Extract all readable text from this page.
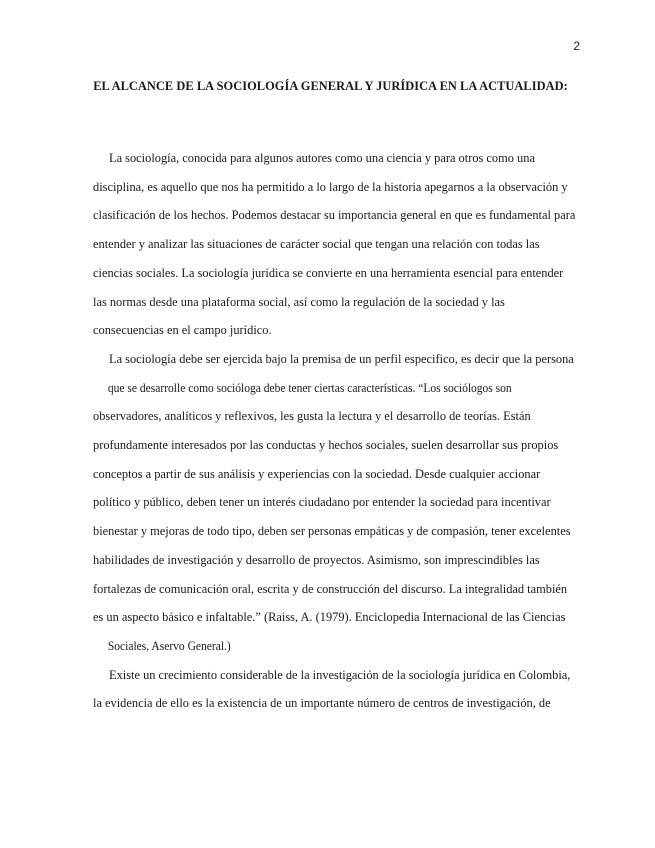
2
EL ALCANCE DE LA SOCIOLOGÍA GENERAL Y JURÍDICA EN LA ACTUALIDAD:
La sociología, conocida para algunos autores como una ciencia y para otros como una
disciplina, es aquello que nos ha permitido a lo largo de la historia apegarnos a la observación y
clasificación de los hechos. Podemos destacar su importancia general en que es fundamental para
entender y analizar las situaciones de carácter social que tengan una relación con todas las
ciencias sociales. La sociología jurídica se convierte en una herramienta esencial para entender
las normas desde una plataforma social, así como la regulación de la sociedad y las
consecuencias en el campo jurídico.
La sociología debe ser ejercida bajo la premisa de un perfil especifico, es decir que la persona
que se desarrolle como socióloga debe tener ciertas características. “Los sociólogos son
observadores, analíticos y reflexivos, les gusta la lectura y el desarrollo de teorías. Están
profundamente interesados por las conductas y hechos sociales, suelen desarrollar sus propios
conceptos a partir de sus análisis y experiencias con la sociedad. Desde cualquier accionar
político y público, deben tener un interés ciudadano por entender la sociedad para incentivar
bienestar y mejoras de todo tipo, deben ser personas empáticas y de compasión, tener excelentes
habilidades de investigación y desarrollo de proyectos. Asimismo, son imprescindibles las
fortalezas de comunicación oral, escrita y de construcción del discurso. La integralidad también
es un aspecto básico e infaltable.” (Raiss, A. (1979). Enciclopedia Internacional de las Ciencias
Sociales, Aservo General.)
Existe un crecimiento considerable de la investigación de la sociología jurídica en Colombia,
la evidencia de ello es la existencia de un importante número de centros de investigación, de
